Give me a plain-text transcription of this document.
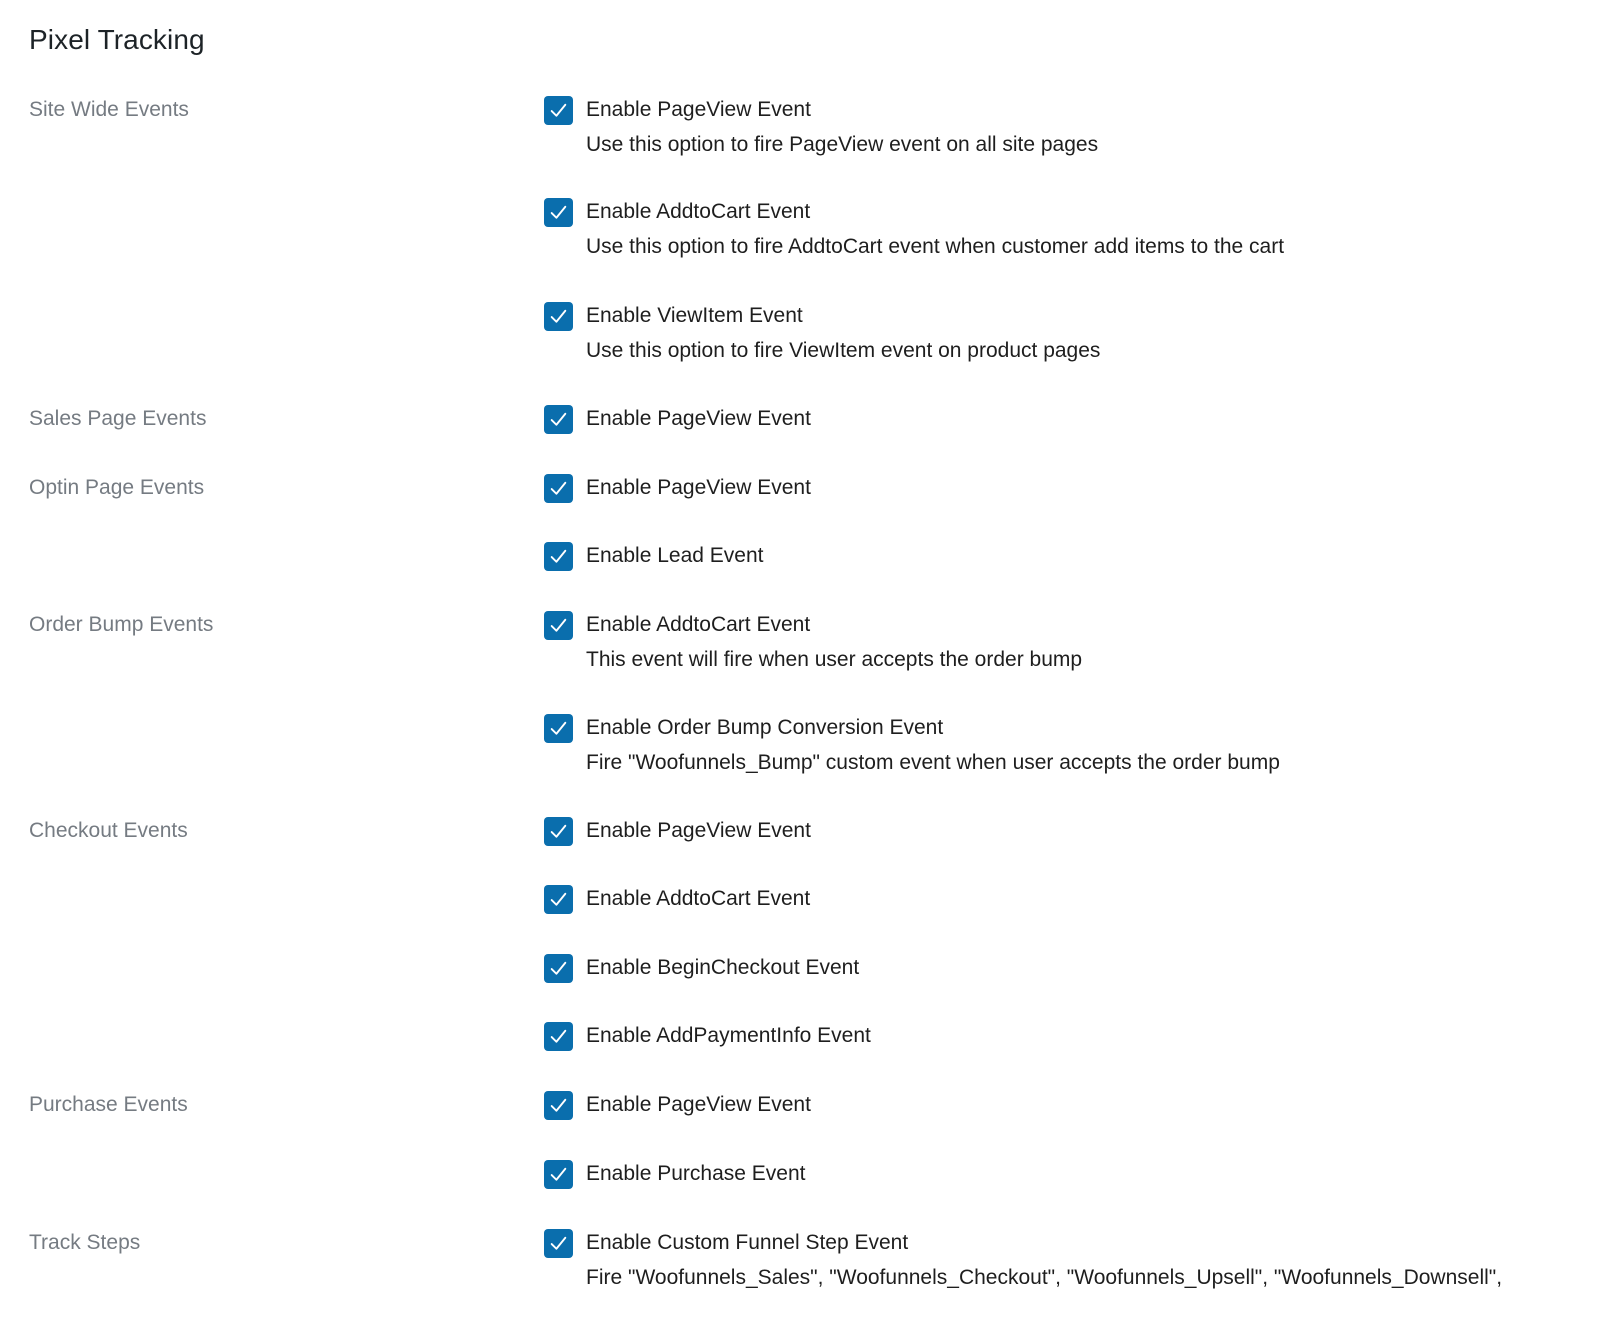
Pixel Tracking
Site Wide Events	Enable PageView Event
Use this option to fire PageView event on all site pages
Enable AddtoCart Event
Use this option to fire AddtoCart event when customer add items to the cart
Enable ViewItem Event
Use this option to fire ViewItem event on product pages
Sales Page Events	Enable PageView Event
Optin Page Events	Enable PageView Event
Enable Lead Event
Order Bump Events	Enable AddtoCart Event
This event will fire when user accepts the order bump
Enable Order Bump Conversion Event
Fire "Woofunnels_Bump" custom event when user accepts the order bump
Checkout Events	Enable PageView Event
Enable AddtoCart Event
Enable BeginCheckout Event
Enable AddPaymentInfo Event
Purchase Events	Enable PageView Event
Enable Purchase Event
Track Steps	Enable Custom Funnel Step Event
Fire "Woofunnels_Sales", "Woofunnels_Checkout", "Woofunnels_Upsell", "Woofunnels_Downsell",
